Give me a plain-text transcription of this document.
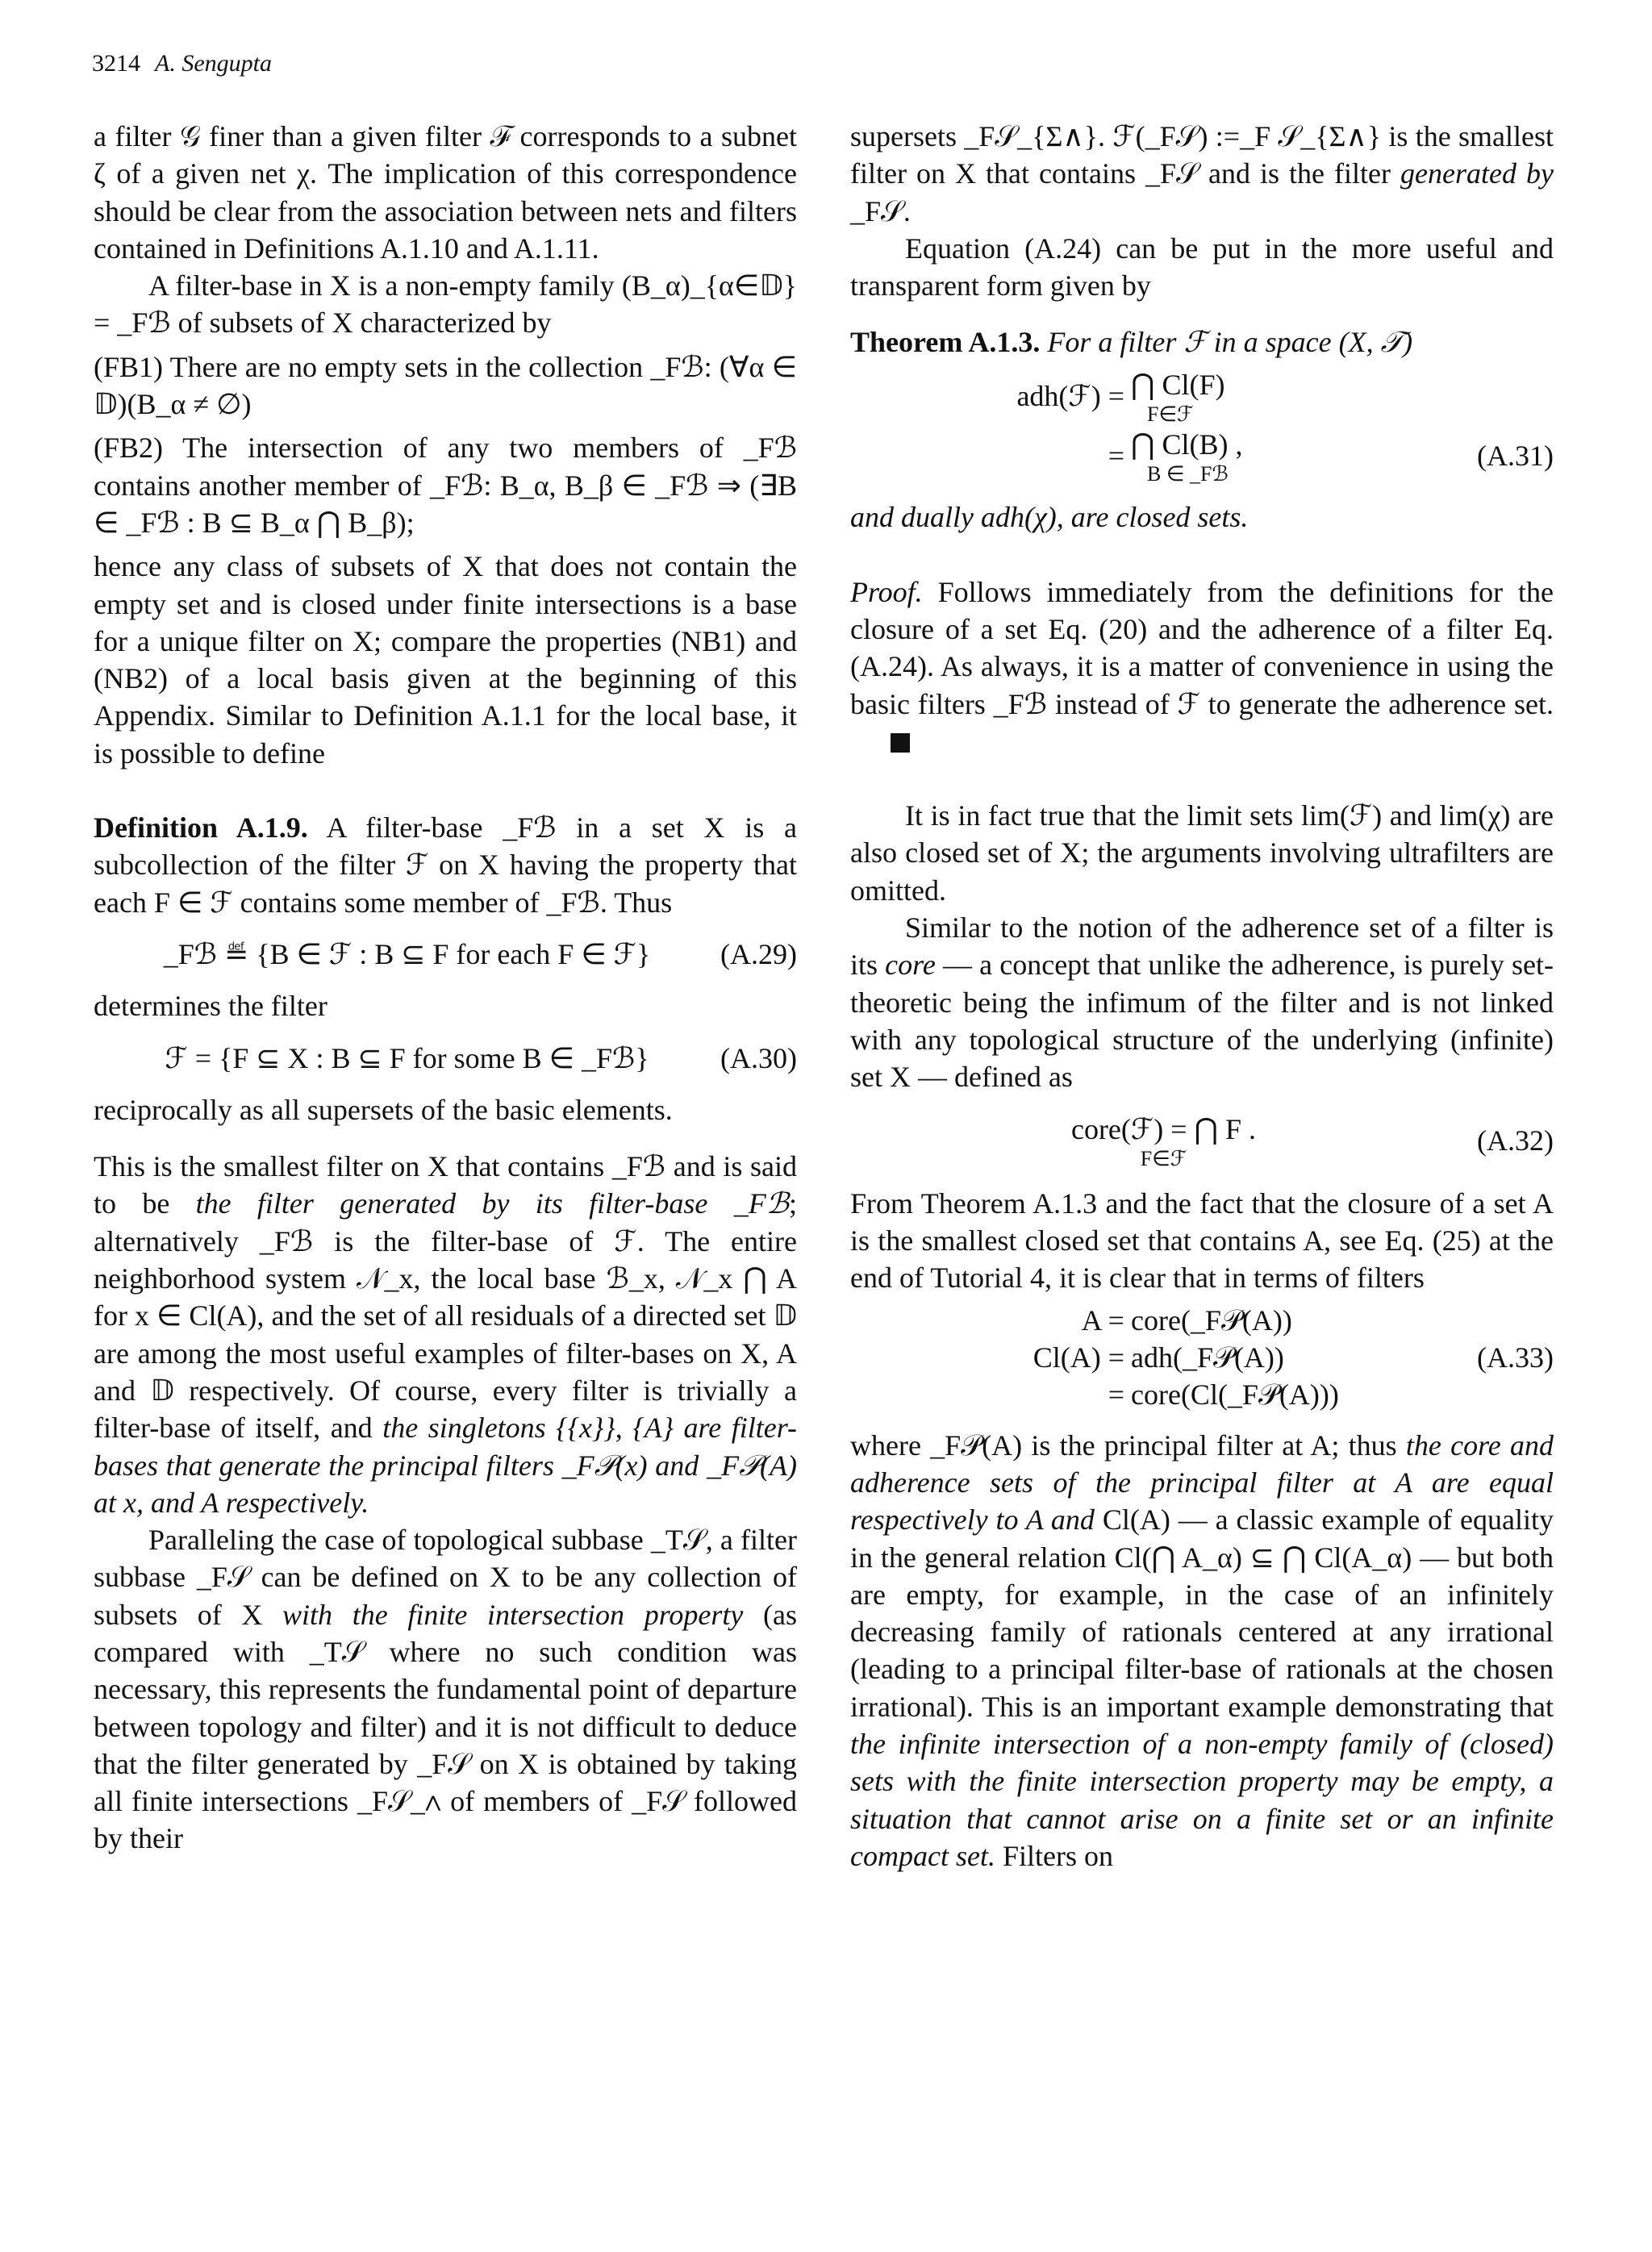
3214 A. Sengupta

a filter 𝒢 finer than a given filter ℱ corresponds to a subnet ζ of a given net χ. The implication of this correspondence should be clear from the association between nets and filters contained in Definitions A.1.10 and A.1.11.

A filter-base in X is a non-empty family (B_α)_{α∈𝔻} = _Fℬ of subsets of X characterized by

(FB1) There are no empty sets in the collection _Fℬ: (∀α ∈ 𝔻)(B_α ≠ ∅)

(FB2) The intersection of any two members of _Fℬ contains another member of _Fℬ: B_α, B_β ∈ _Fℬ ⇒ (∃B ∈ _Fℬ : B ⊆ B_α ⋂ B_β);

hence any class of subsets of X that does not contain the empty set and is closed under finite intersections is a base for a unique filter on X; compare the properties (NB1) and (NB2) of a local basis given at the beginning of this Appendix. Similar to Definition A.1.1 for the local base, it is possible to define

Definition A.1.9. A filter-base _Fℬ in a set X is a subcollection of the filter ℱ on X having the property that each F ∈ ℱ contains some member of _Fℬ. Thus

_Fℬ ≝ {B ∈ ℱ : B ⊆ F for each F ∈ ℱ}	(A.29)

determines the filter

ℱ = {F ⊆ X : B ⊆ F for some B ∈ _Fℬ}	(A.30)

reciprocally as all supersets of the basic elements.

This is the smallest filter on X that contains _Fℬ and is said to be the filter generated by its filter-base _Fℬ; alternatively _Fℬ is the filter-base of ℱ. The entire neighborhood system 𝒩_x, the local base ℬ_x, 𝒩_x ⋂ A for x ∈ Cl(A), and the set of all residuals of a directed set 𝔻 are among the most useful examples of filter-bases on X, A and 𝔻 respectively. Of course, every filter is trivially a filter-base of itself, and the singletons {{x}}, {A} are filter-bases that generate the principal filters _F𝒫(x) and _F𝒫(A) at x, and A respectively.

Paralleling the case of topological subbase _T𝒮, a filter subbase _F𝒮 can be defined on X to be any collection of subsets of X with the finite intersection property (as compared with _T𝒮 where no such condition was necessary, this represents the fundamental point of departure between topology and filter) and it is not difficult to deduce that the filter generated by _F𝒮 on X is obtained by taking all finite intersections _F𝒮_∧ of members of _F𝒮 followed by their

supersets _F𝒮_{Σ∧}. ℱ(_F𝒮) :=_F 𝒮_{Σ∧} is the smallest filter on X that contains _F𝒮 and is the filter generated by _F𝒮.

Equation (A.24) can be put in the more useful and transparent form given by

Theorem A.1.3. For a filter ℱ in a space (X, 𝒯)

adh(ℱ) = ⋂ Cl(F)
F∈ℱ
= ⋂ Cl(B) ,
B ∈ _Fℬ
(A.31)

and dually adh(χ), are closed sets.

Proof. Follows immediately from the definitions for the closure of a set Eq. (20) and the adherence of a filter Eq. (A.24). As always, it is a matter of convenience in using the basic filters _Fℬ instead of ℱ to generate the adherence set.

It is in fact true that the limit sets lim(ℱ) and lim(χ) are also closed set of X; the arguments involving ultrafilters are omitted.

Similar to the notion of the adherence set of a filter is its core — a concept that unlike the adherence, is purely set-theoretic being the infimum of the filter and is not linked with any topological structure of the underlying (infinite) set X — defined as

core(ℱ) = ⋂ F .
F∈ℱ
(A.32)

From Theorem A.1.3 and the fact that the closure of a set A is the smallest closed set that contains A, see Eq. (25) at the end of Tutorial 4, it is clear that in terms of filters

A = core(_F𝒫(A))
Cl(A) = adh(_F𝒫(A))	(A.33)
= core(Cl(_F𝒫(A)))

where _F𝒫(A) is the principal filter at A; thus the core and adherence sets of the principal filter at A are equal respectively to A and Cl(A) — a classic example of equality in the general relation Cl(⋂ A_α) ⊆ ⋂ Cl(A_α) — but both are empty, for example, in the case of an infinitely decreasing family of rationals centered at any irrational (leading to a principal filter-base of rationals at the chosen irrational). This is an important example demonstrating that the infinite intersection of a non-empty family of (closed) sets with the finite intersection property may be empty, a situation that cannot arise on a finite set or an infinite compact set. Filters on
